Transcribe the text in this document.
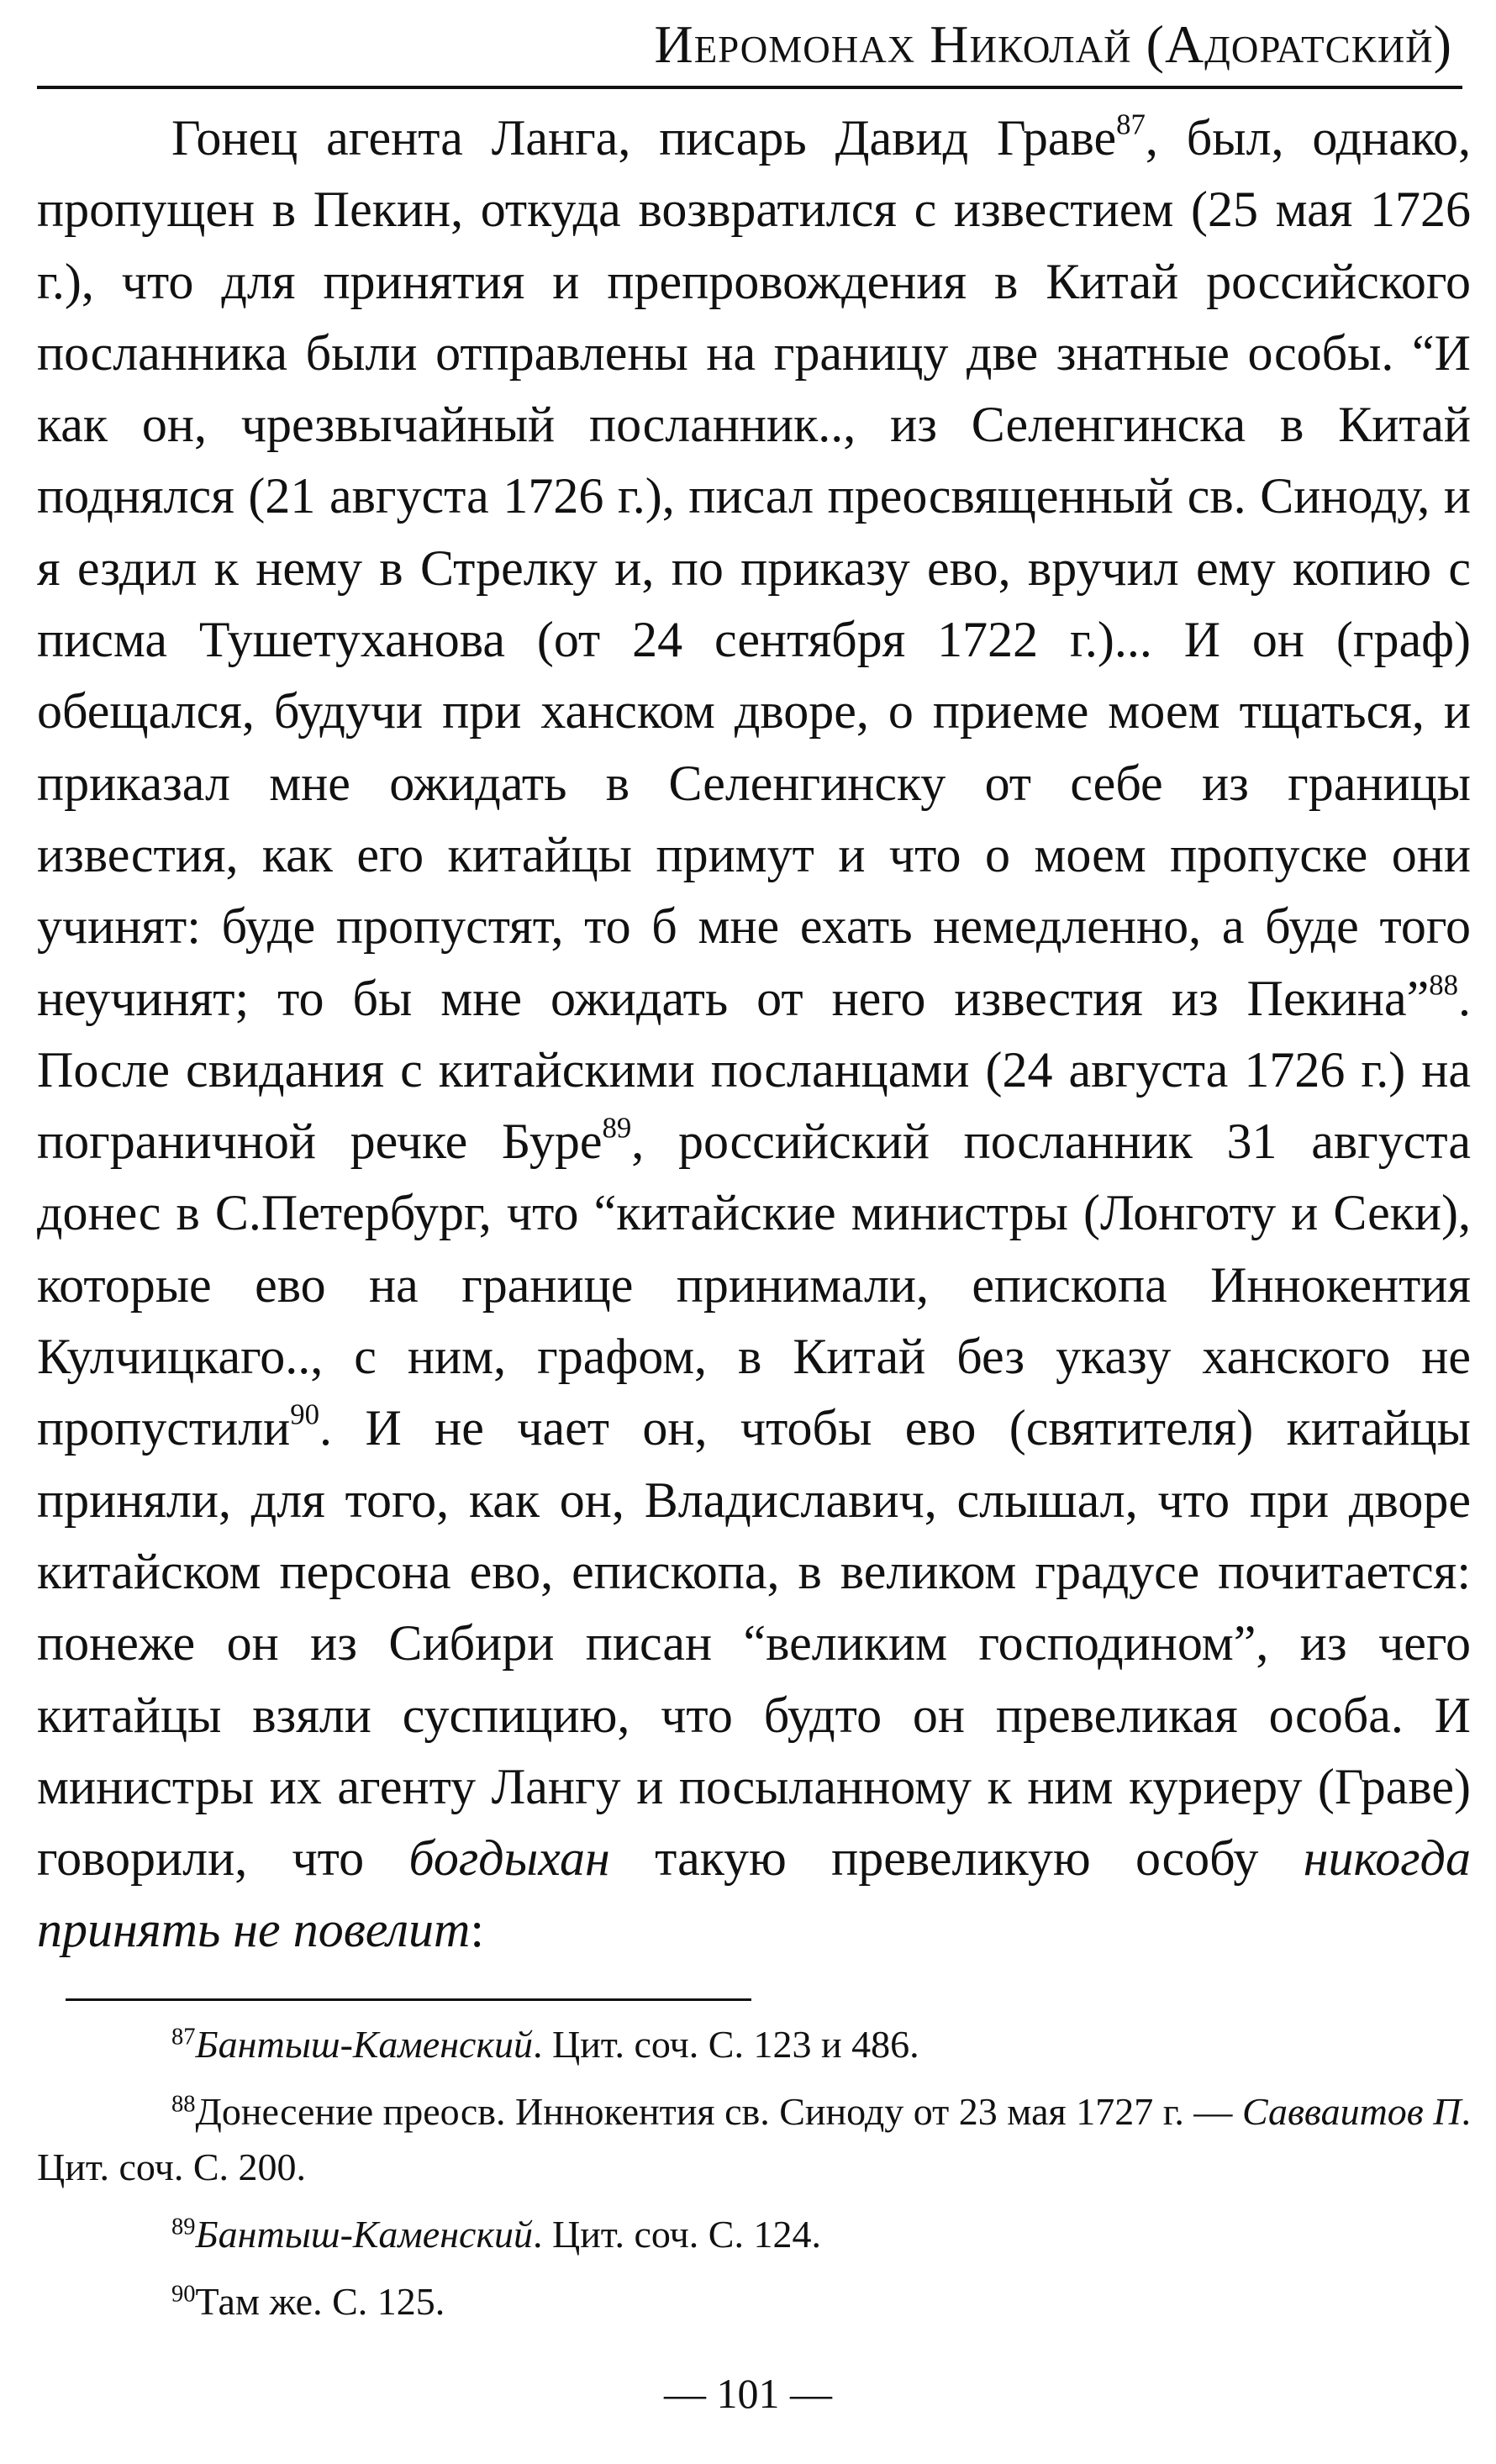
Иеромонах Николай (Адоратский)

Гонец агента Ланга, писарь Давид Граве$^{87}$, был, однако, пропущен в Пекин, откуда возвратился с известием (25 мая 1726 г.), что для принятия и препровождения в Китай российского посланника были отправлены на границу две знатные особы. “И как он, чрезвычайный посланник.., из Селенгинска в Китай поднялся (21 августа 1726 г.), писал преосвященный св. Синоду, и я ездил к нему в Стрелку и, по приказу ево, вручил ему копию с писма Тушетуханова (от 24 сентября 1722 г.)... И он (граф) обещался, будучи при ханском дворе, о приеме моем тщаться, и приказал мне ожидать в Селенгинску от себе из границы известия, как его китайцы примут и что о моем пропуске они учинят: буде пропустят, то б мне ехать немедленно, а буде того неучинят; то бы мне ожидать от него известия из Пекина”$^{88}$. После свидания с китайскими посланцами (24 августа 1726 г.) на пограничной речке Буре$^{89}$, российский посланник 31 августа донес в С.Петербург, что “китайские министры (Лонготу и Секи), которые ево на границе принимали, епископа Иннокентия Кулчицкаго.., с ним, графом, в Китай без указу ханского не пропустили$^{90}$. И не чает он, чтобы ево (святителя) китайцы приняли, для того, как он, Владиславич, слышал, что при дворе китайском персона ево, епископа, в великом градусе почитается: понеже он из Сибири писан “великим господином”, из чего китайцы взяли суспицию, что будто он превеликая особа. И министры их агенту Лангу и посыланному к ним куриеру (Граве) говорили, что богдыхан такую превеликую особу никогда принять не повелит:

$^{87}$Бантыш-Каменский. Цит. соч. С. 123 и 486.

$^{88}$Донесение преосв. Иннокентия св. Синоду от 23 мая 1727 г. — Савваитов П. Цит. соч. С. 200.

$^{89}$Бантыш-Каменский. Цит. соч. С. 124.

$^{90}$Там же. С. 125.

— 101 —
